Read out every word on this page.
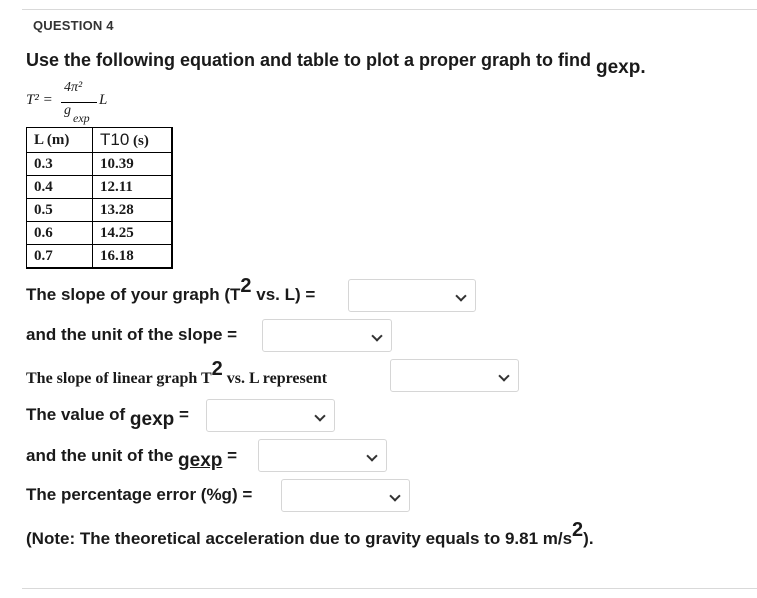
QUESTION 4
Use the following equation and table to plot a proper graph to find gexp.
T² =
4π²
g exp
L
L (m)	T10 (s)
0.3	10.39
0.4	12.11
0.5	13.28
0.6	14.25
0.7	16.18
The slope of your graph (T2 vs. L) =
and the unit of the slope =
The slope of linear graph T2 vs. L represent
The value of gexp =
and the unit of the gexp =
The percentage error (%g) =
(Note: The theoretical acceleration due to gravity equals to 9.81 m/s2).
